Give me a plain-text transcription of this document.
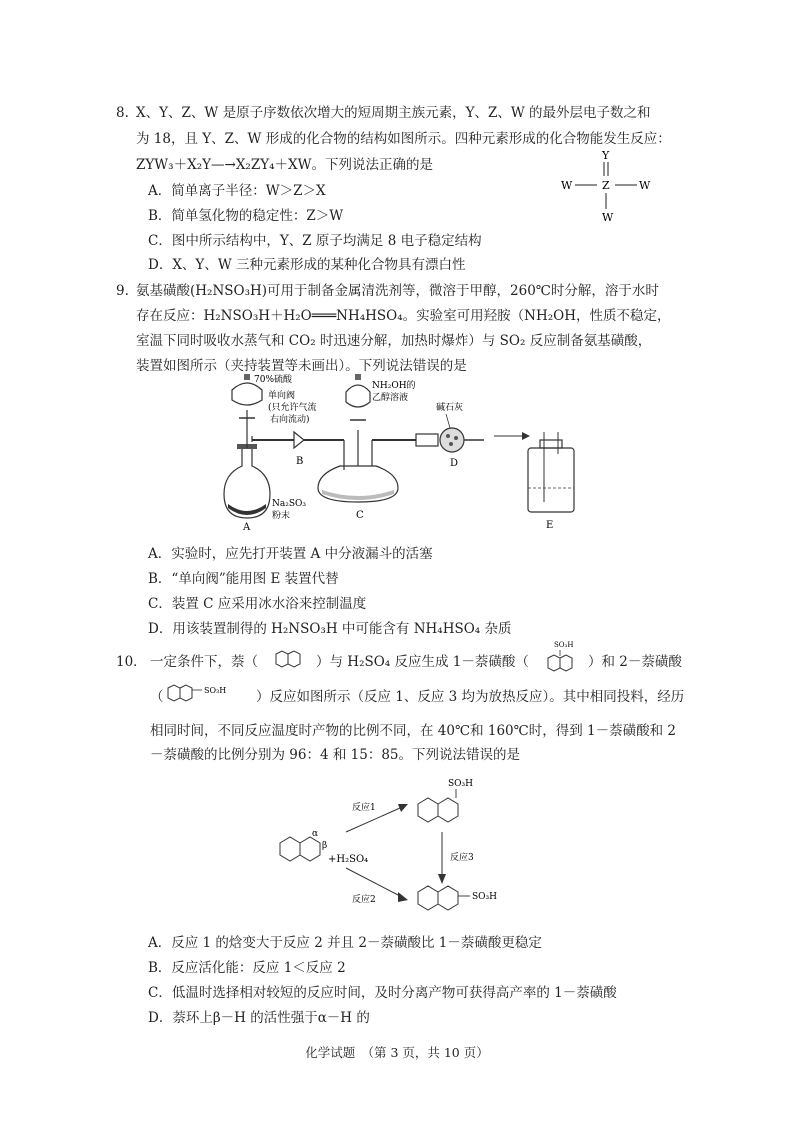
8. X、Y、Z、W 是原子序数依次增大的短周期主族元素，Y、Z、W 的最外层电子数之和
为 18，且 Y、Z、W 形成的化合物的结构如图所示。四种元素形成的化合物能发生反应：
ZYW₃＋X₂Y—→X₂ZY₄＋XW。下列说法正确的是
A．简单离子半径：W＞Z＞X
B．简单氢化物的稳定性：Z＞W
C．图中所示结构中，Y、Z 原子均满足 8 电子稳定结构
D．X、Y、W 三种元素形成的某种化合物具有漂白性
Y
Z
W	W
W
9. 氨基磺酸(H₂NSO₃H)可用于制备金属清洗剂等，微溶于甲醇，260℃时分解，溶于水时
存在反应：H₂NSO₃H＋H₂O═══NH₄HSO₄。实验室可用羟胺（NH₂OH，性质不稳定，
室温下同时吸收水蒸气和 CO₂ 时迅速分解，加热时爆炸）与 SO₂ 反应制备氨基磺酸，
装置如图所示（夹持装置等未画出）。下列说法错误的是
70%硫酸
单向阀
(只允许气流
右向流动)
B
NH₂OH的
乙醇溶液
C
碱石灰
D
E
Na₂SO₃
粉末
A
A．实验时，应先打开装置 A 中分液漏斗的活塞
B．“单向阀”能用图 E 装置代替
C．装置 C 应采用冰水浴来控制温度
D．用该装置制得的 H₂NSO₃H 中可能含有 NH₄HSO₄ 杂质
10． 一定条件下，萘（	）与 H₂SO₄ 反应生成 1－萘磺酸（
SO₃H
）和 2－萘磺酸
（	SO₃H ）反应如图所示（反应 1、反应 3 均为放热反应）。其中相同投料，经历
相同时间，不同反应温度时产物的比例不同，在 40℃和 160℃时，得到 1－萘磺酸和 2
－萘磺酸的比例分别为 96：4 和 15：85。下列说法错误的是
α
β
+H₂SO₄
反应1
SO₃H
反应3
反应2	SO₃H
A．反应 1 的焓变大于反应 2 并且 2－萘磺酸比 1－萘磺酸更稳定
B．反应活化能：反应 1＜反应 2
C．低温时选择相对较短的反应时间，及时分离产物可获得高产率的 1－萘磺酸
D．萘环上β－H 的活性强于α－H 的
化学试题　（第 3 页，共 10 页）
